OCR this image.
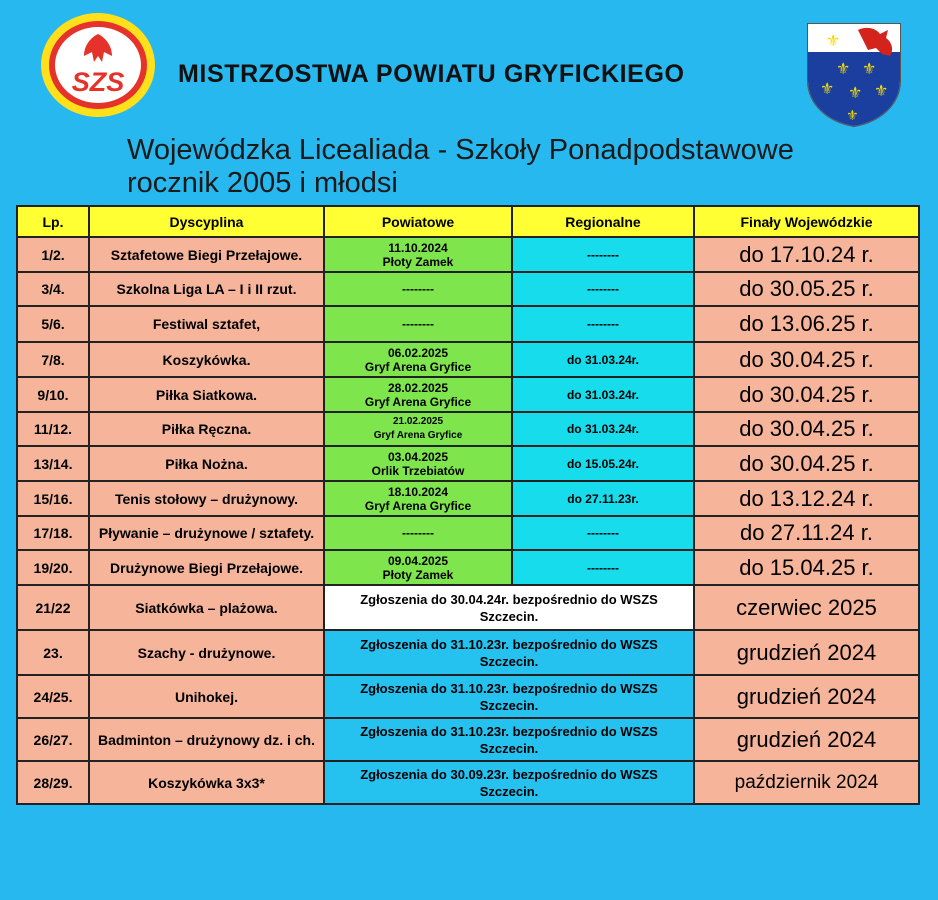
SZS MISTRZOSTWA POWIATU GRYFICKIEGO
⚜
⚜ ⚜
⚜ ⚜ ⚜
⚜
Wojewódzka Licealiada - Szkoły Ponadpodstawowe
rocznik 2005 i młodsi
Lp.	Dyscyplina	Powiatowe	Regionalne	Finały Wojewódzkie
1/2.	Sztafetowe Biegi Przełajowe.	11.10.2024
Płoty Zamek	--------	do 17.10.24 r.
3/4.	Szkolna Liga LA – I i II rzut.	--------	--------	do 30.05.25 r.
5/6.	Festiwal sztafet,	--------	--------	do 13.06.25 r.
7/8.	Koszykówka.	06.02.2025
Gryf Arena Gryfice	do 31.03.24r.	do 30.04.25 r.
9/10.	Piłka Siatkowa.	28.02.2025
Gryf Arena Gryfice	do 31.03.24r.	do 30.04.25 r.
11/12.	Piłka Ręczna.	21.02.2025
Gryf Arena Gryfice	do 31.03.24r.	do 30.04.25 r.
13/14.	Piłka Nożna.	03.04.2025
Orlik Trzebiatów	do 15.05.24r.	do 30.04.25 r.
15/16.	Tenis stołowy – drużynowy.	18.10.2024
Gryf Arena Gryfice	do 27.11.23r.	do 13.12.24 r.
17/18.	Pływanie – drużynowe / sztafety.	--------	--------	do 27.11.24 r.
19/20.	Drużynowe Biegi Przełajowe.	09.04.2025
Płoty Zamek	--------	do 15.04.25 r.
21/22	Siatkówka – plażowa.	Zgłoszenia do 30.04.24r. bezpośrednio do WSZS
Szczecin.		czerwiec 2025
23.	Szachy - drużynowe.	Zgłoszenia do 31.10.23r. bezpośrednio do WSZS
Szczecin.		grudzień 2024
24/25.	Unihokej.	Zgłoszenia do 31.10.23r. bezpośrednio do WSZS
Szczecin.		grudzień 2024
26/27.	Badminton – drużynowy dz. i ch.	Zgłoszenia do 31.10.23r. bezpośrednio do WSZS
Szczecin.		grudzień 2024
28/29.	Koszykówka 3x3*	Zgłoszenia do 30.09.23r. bezpośrednio do WSZS
Szczecin.		październik 2024
